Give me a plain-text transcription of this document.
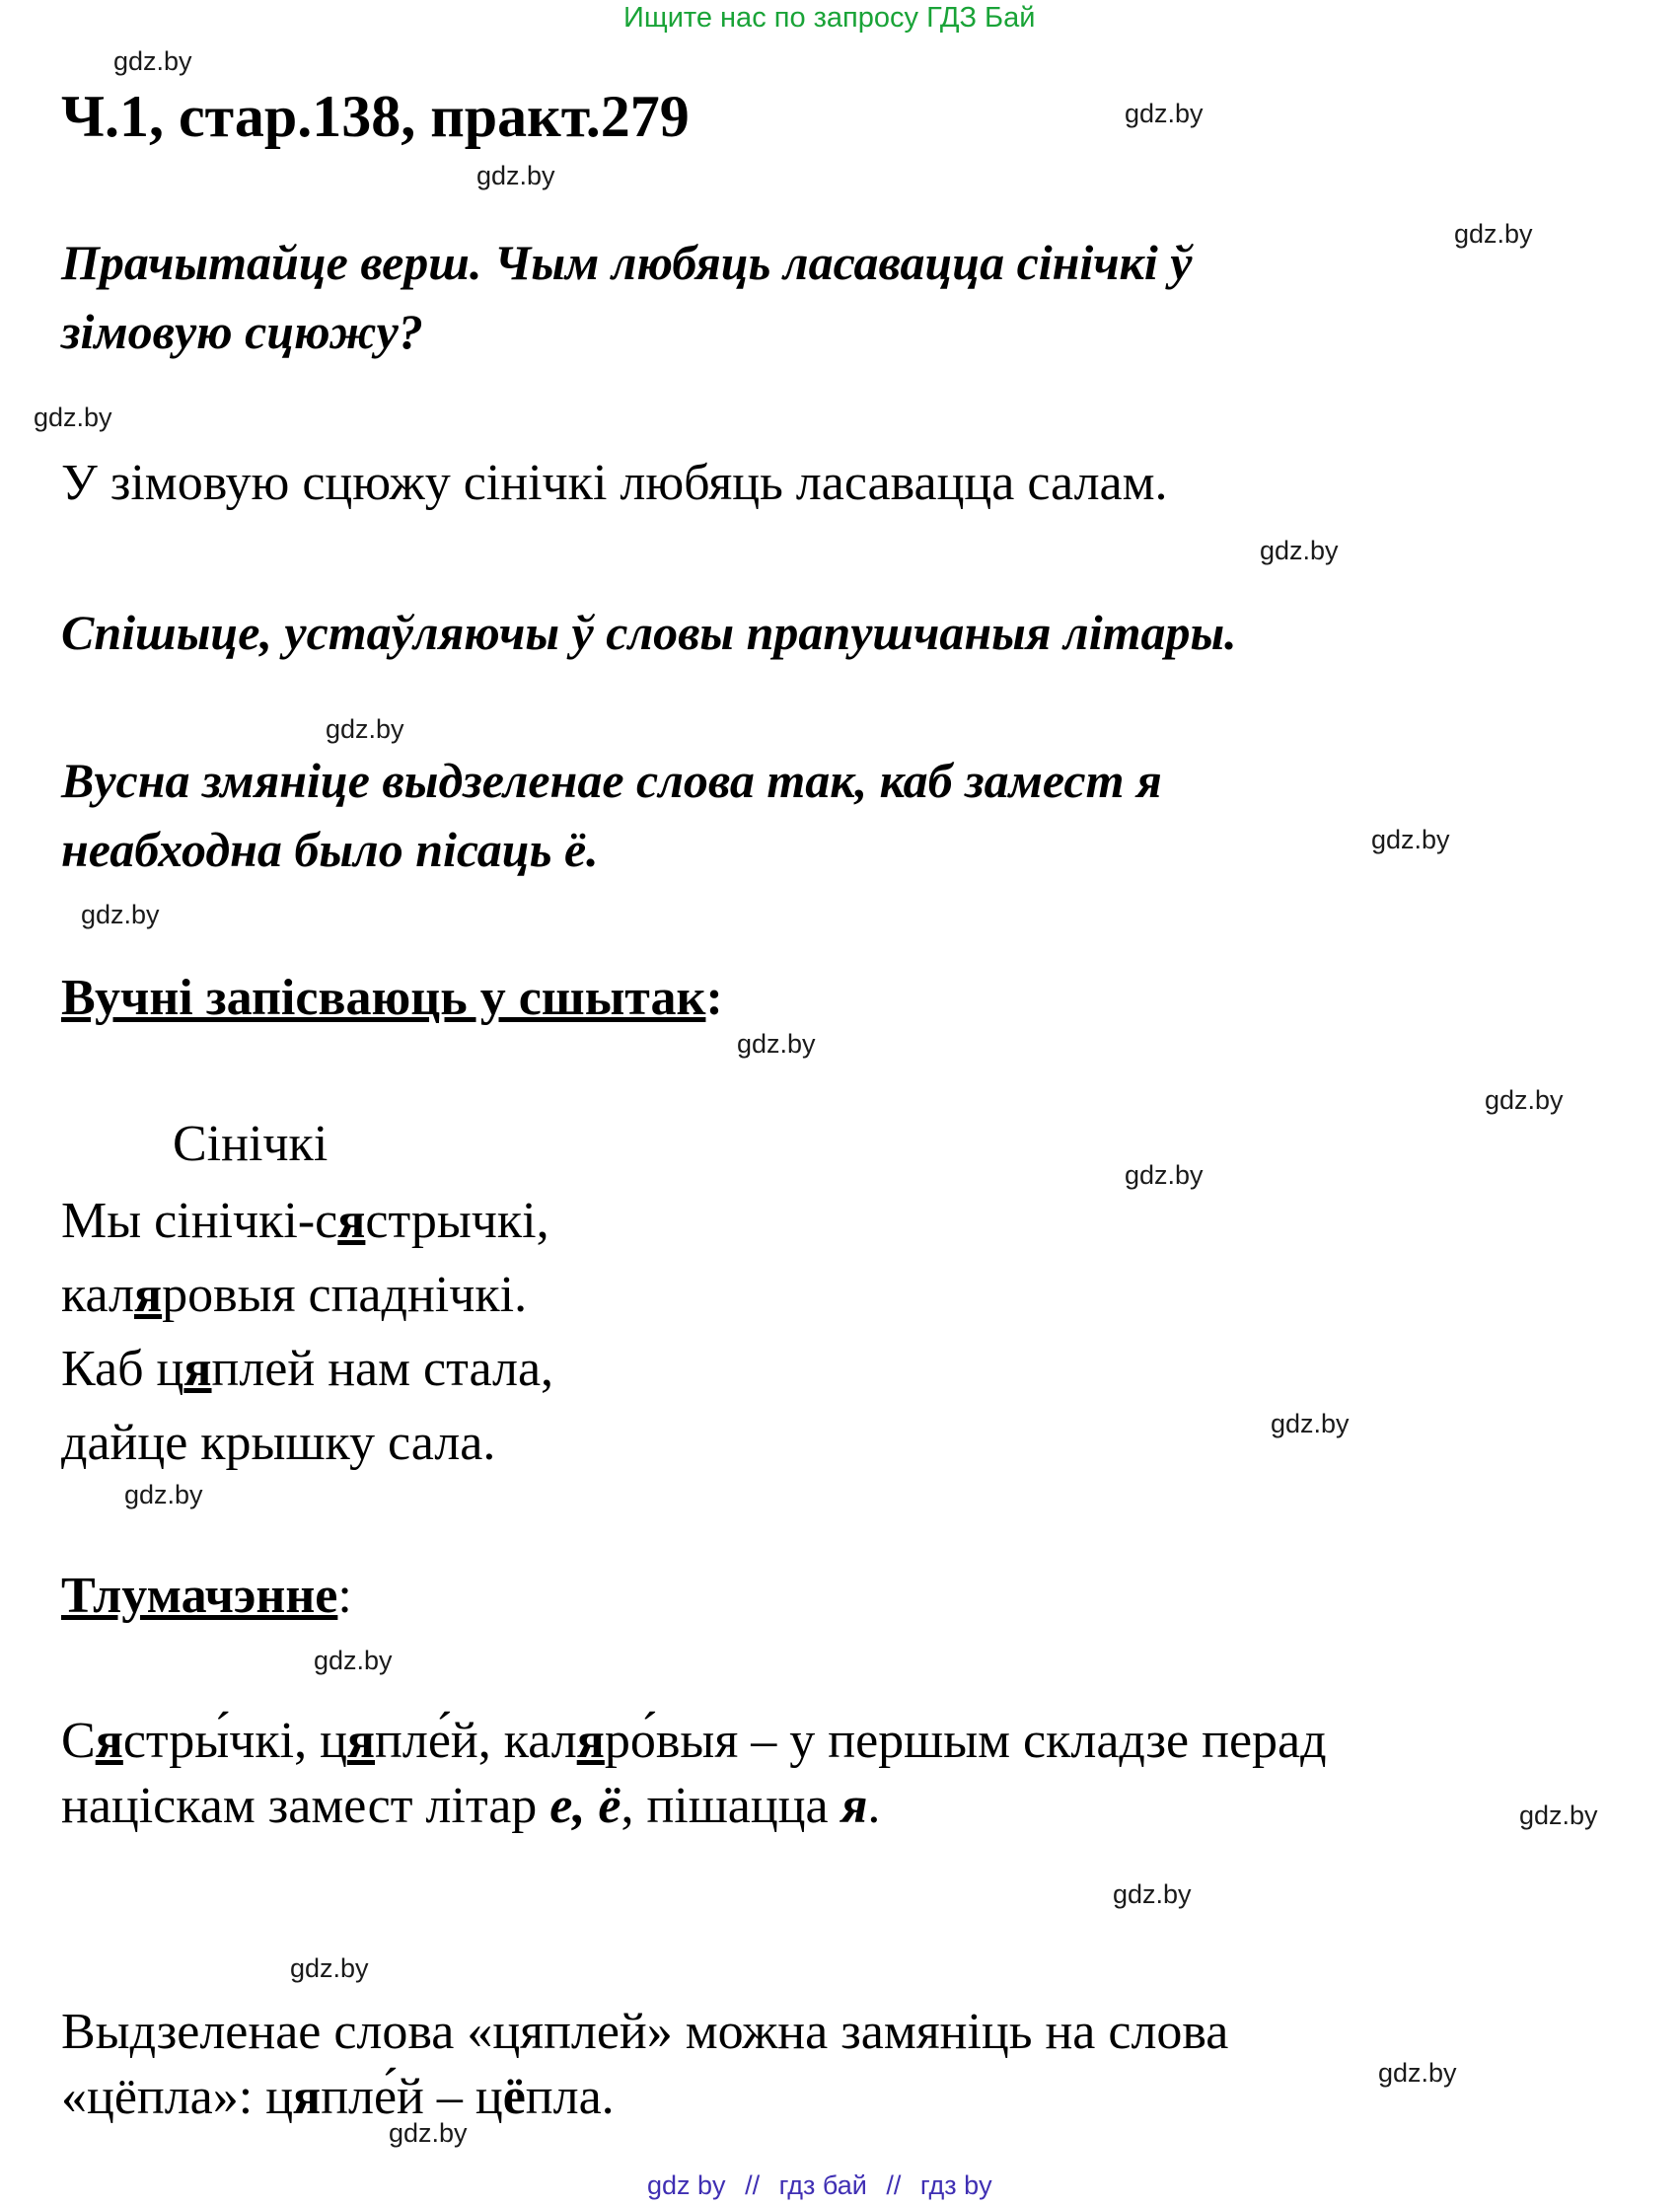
Ищите нас по запросу ГДЗ Бай
Ч.1, стар.138, практ.279
Прачытайце верш. Чым любяць ласавацца сінічкі ў
зімовую сцюжу?
У зімовую сцюжу сінічкі любяць ласавацца салам.
Спішыце, устаўляючы ў словы прапушчаныя літары.
Вусна змяніце выдзеленае слова так, каб замест я
неабходна было пісаць ё.
Вучні запісваюць у сшытак:
Сінічкі
Мы сінічкі-сястрычкі,
каляровыя спаднічкі.
Каб цяплей нам стала,
дайце крышку сала.
Тлумачэнне:
Сястры́чкі, цяпле́й, каляро́выя – у першым складзе перад
націскам замест літар е, ё, пішацца я.
Выдзеленае слова «цяплей» можна замяніць на слова
«цёпла»: цяпле́й – цёпла.
gdz.by
gdz.by
gdz.by
gdz.by
gdz.by
gdz.by
gdz.by
gdz.by
gdz.by
gdz.by
gdz.by
gdz.by
gdz.by
gdz.by
gdz.by
gdz.by
gdz.by
gdz.by
gdz.by
gdz.by
gdz by // гдз бай // гдз by
